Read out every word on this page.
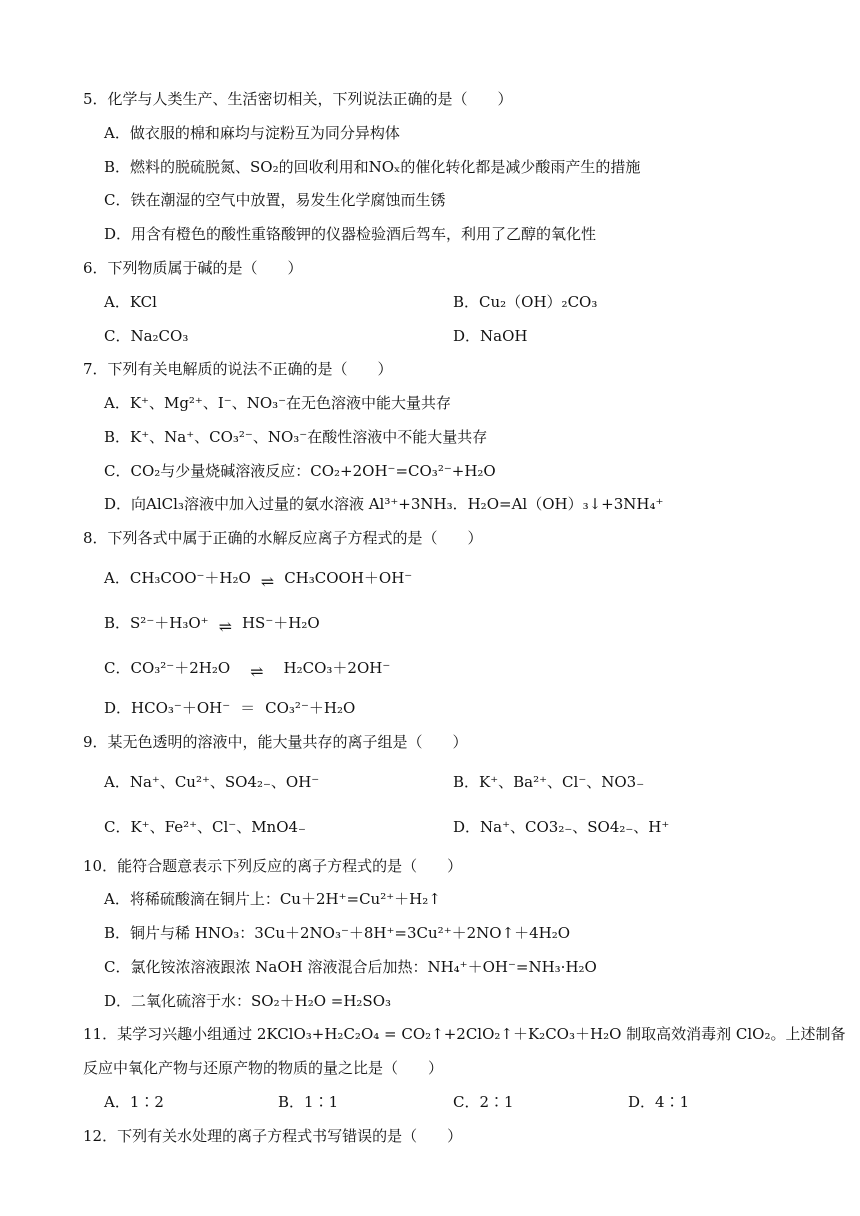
5．化学与人类生产、生活密切相关，下列说法正确的是（　　）
A．做衣服的棉和麻均与淀粉互为同分异构体
B．燃料的脱硫脱氮、SO₂的回收利用和NOₓ的催化转化都是减少酸雨产生的措施
C．铁在潮湿的空气中放置，易发生化学腐蚀而生锈
D．用含有橙色的酸性重铬酸钾的仪器检验酒后驾车，利用了乙醇的氧化性
6．下列物质属于碱的是（　　）
A．KCl	B．Cu₂（OH）₂CO₃
C．Na₂CO₃	D．NaOH
7．下列有关电解质的说法不正确的是（　　）
A．K⁺、Mg²⁺、I⁻、NO₃⁻在无色溶液中能大量共存
B．K⁺、Na⁺、CO₃²⁻、NO₃⁻在酸性溶液中不能大量共存
C．CO₂与少量烧碱溶液反应：CO₂+2OH⁻=CO₃²⁻+H₂O
D．向AlCl₃溶液中加入过量的氨水溶液 Al³⁺+3NH₃．H₂O=Al（OH）₃↓+3NH₄⁺
8．下列各式中属于正确的水解反应离子方程式的是（　　）
A．CH₃COO⁻＋H₂O ⇌ CH₃COOH＋OH⁻
B．S²⁻＋H₃O⁺ ⇌ HS⁻＋H₂O
C．CO₃²⁻＋2H₂O ⇌ H₂CO₃＋2OH⁻
D．HCO₃⁻＋OH⁻ ＝ CO₃²⁻＋H₂O
9．某无色透明的溶液中，能大量共存的离子组是（　　）
A．Na⁺、Cu²⁺、SO4₂₋、OH⁻	B．K⁺、Ba²⁺、Cl⁻、NO3₋
C．K⁺、Fe²⁺、Cl⁻、MnO4₋	D．Na⁺、CO3₂₋、SO4₂₋、H⁺
10．能符合题意表示下列反应的离子方程式的是（　　）
A．将稀硫酸滴在铜片上：Cu＋2H⁺=Cu²⁺＋H₂↑
B．铜片与稀 HNO₃：3Cu＋2NO₃⁻＋8H⁺=3Cu²⁺＋2NO↑＋4H₂O
C．氯化铵浓溶液跟浓 NaOH 溶液混合后加热：NH₄⁺＋OH⁻=NH₃·H₂O
D．二氧化硫溶于水：SO₂＋H₂O =H₂SO₃
11．某学习兴趣小组通过 2KClO₃+H₂C₂O₄ = CO₂↑+2ClO₂↑＋K₂CO₃＋H₂O 制取高效消毒剂 ClO₂。上述制备
反应中氧化产物与还原产物的物质的量之比是（　　）
A．1∶2	B．1∶1	C．2∶1	D．4∶1
12．下列有关水处理的离子方程式书写错误的是（　　）
